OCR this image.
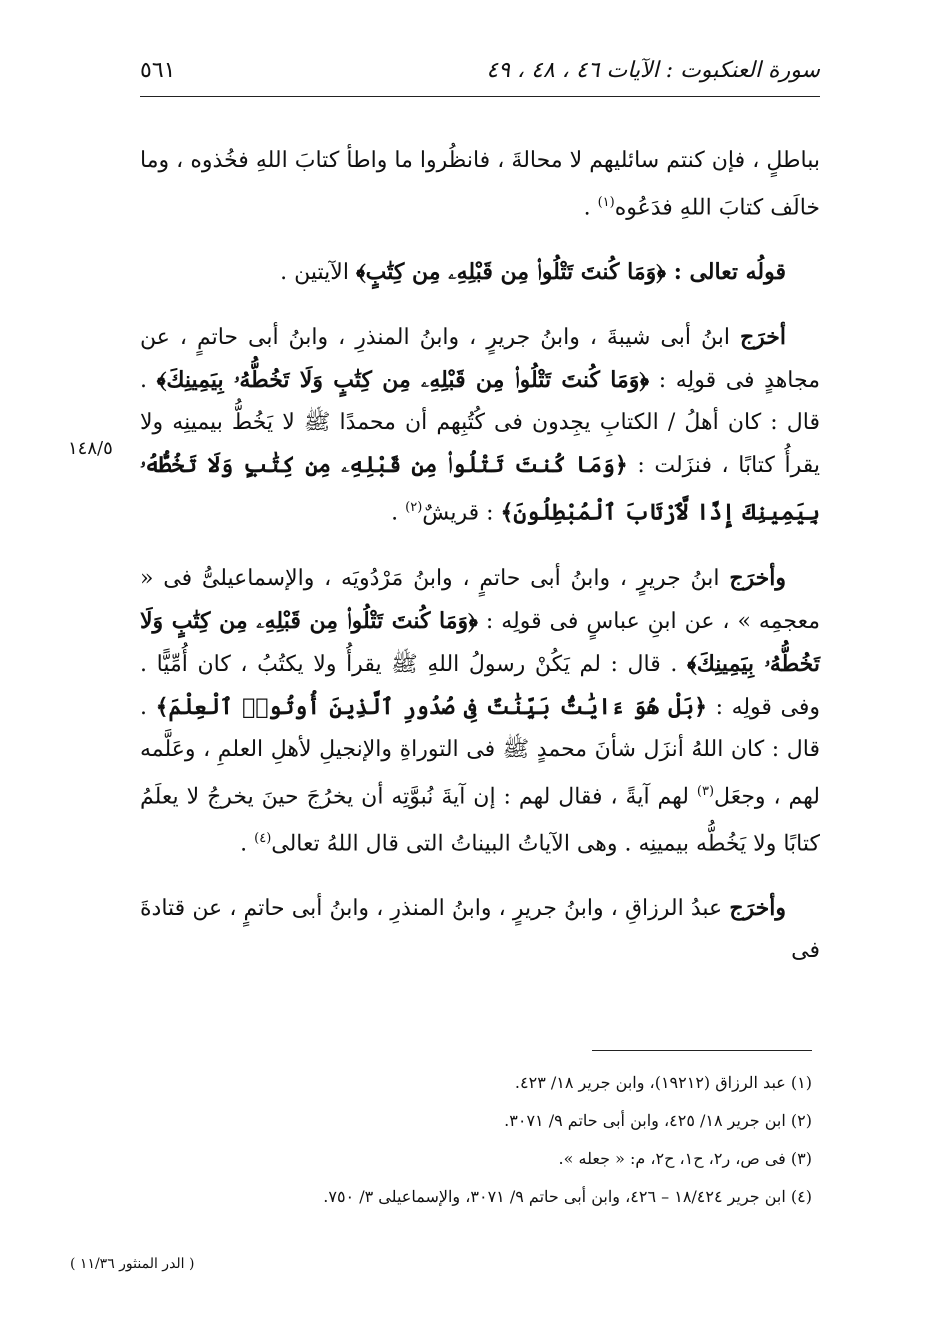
سورة العنكبوت : الآيات ٤٦ ، ٤٨ ، ٤٩
٥٦١
١٤٨/٥

بباطلٍ ، فإن كنتم سائليهم لا محالةَ ، فانظُروا ما واطأ كتابَ اللهِ فخُذوه ، وما خالَف كتابَ اللهِ فدَعُوه$^{(١)}$ .

قولُه تعالى : ﴿وَمَا كُنتَ تَتْلُوا۟ مِن قَبْلِهِۦ مِن كِتَٰبٍ﴾ الآيتين .

أخرَج ابنُ أبى شيبةَ ، وابنُ جريرٍ ، وابنُ المنذرِ ، وابنُ أبى حاتمٍ ، عن مجاهدٍ فى قولِه : ﴿وَمَا كُنتَ تَتْلُوا۟ مِن قَبْلِهِۦ مِن كِتَٰبٍ وَلَا تَخُطُّهُۥ بِيَمِينِكَ﴾ . قال : كان أهلُ / الكتابِ يجِدون فى كُتُبِهم أن محمدًا ﷺ لا يَخُطُّ بيمينِه ولا يقرأُ كتابًا ، فنزَلت : ﴿وَمَا كُنتَ تَتْلُوا۟ مِن قَبْلِهِۦ مِن كِتَٰبٍ وَلَا تَخُطُّهُۥ بِيَمِينِكَ إِذًا لَّٱرْتَابَ ٱلْمُبْطِلُونَ﴾ : قريشٌ$^{(٢)}$ .

وأخرَج ابنُ جريرٍ ، وابنُ أبى حاتمٍ ، وابنُ مَرْدُويَه ، والإسماعيلىُّ فى « معجمِه » ، عن ابنِ عباسٍ فى قولِه : ﴿وَمَا كُنتَ تَتْلُوا۟ مِن قَبْلِهِۦ مِن كِتَٰبٍ وَلَا تَخُطُّهُۥ بِيَمِينِكَ﴾ . قال : لم يَكُنْ رسولُ اللهِ ﷺ يقرأُ ولا يكتُبُ ، كان أُمِّيًّا . وفى قولِه : ﴿بَلْ هُوَ ءَايَٰتٌۢ بَيِّنَٰتٌ فِى صُدُورِ ٱلَّذِينَ أُوتُوا۟ ٱلْعِلْمَ﴾ . قال : كان اللهُ أنزَل شأنَ محمدٍ ﷺ فى التوراةِ والإنجيلِ لأهلِ العلمِ ، وعَلَّمه لهم ، وجعَل$^{(٣)}$ لهم آيةً ، فقال لهم : إن آيةَ نُبوَّتِه أن يخرُجَ حينَ يخرجُ لا يعلَمُ كتابًا ولا يَخُطُّه بيمينِه . وهى الآياتُ البيناتُ التى قال اللهُ تعالى$^{(٤)}$ .

وأخرَج عبدُ الرزاقِ ، وابنُ جريرٍ ، وابنُ المنذرِ ، وابنُ أبى حاتمٍ ، عن قتادةَ فى

(١) عبد الرزاق (١٩٢١٢)، وابن جرير ١٨/ ٤٢٣.

(٢) ابن جرير ١٨/ ٤٢٥، وابن أبى حاتم ٩/ ٣٠٧١.

(٣) فى ص، ر٢، ح١، ح٢، م: « جعله ».

(٤) ابن جرير ١٨/٤٢٤ – ٤٢٦، وابن أبى حاتم ٩/ ٣٠٧١، والإسماعيلى ٣/ ٧٥٠.

( الدر المنثور ١١/٣٦ )
